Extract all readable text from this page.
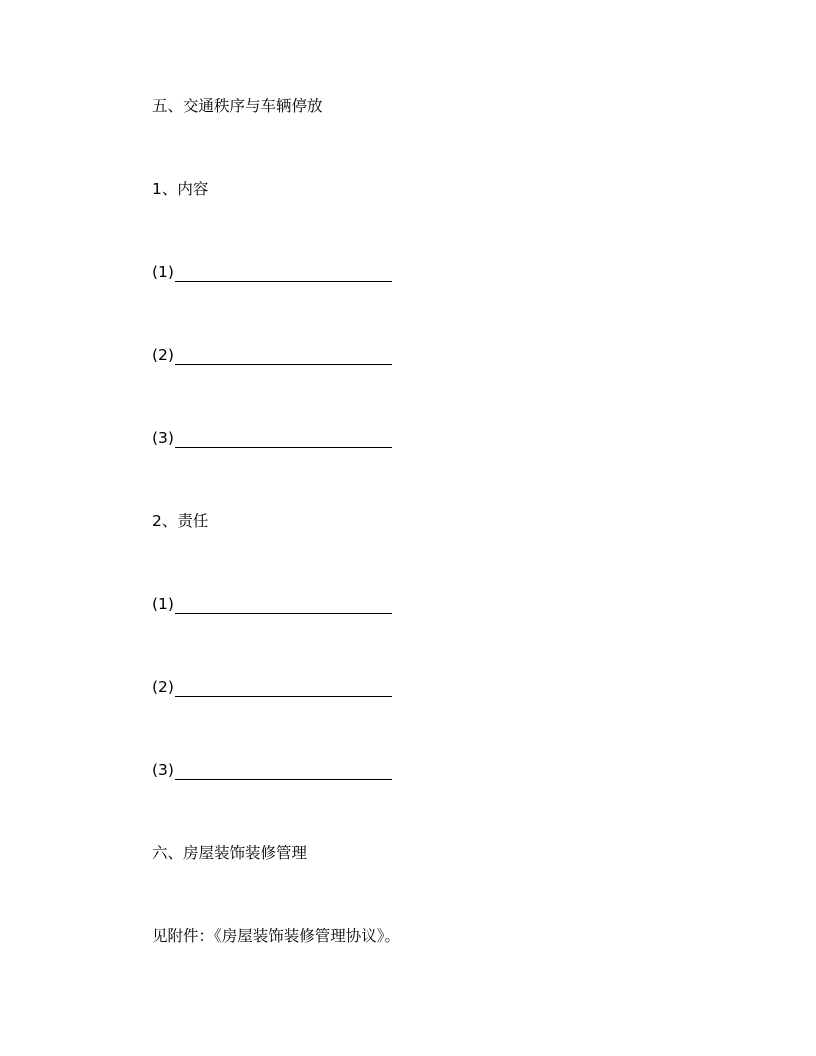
五、交通秩序与车辆停放
1、内容
(1)
(2)
(3)
2、责任
(1)
(2)
(3)
六、房屋装饰装修管理
见附件：《房屋装饰装修管理协议》。
